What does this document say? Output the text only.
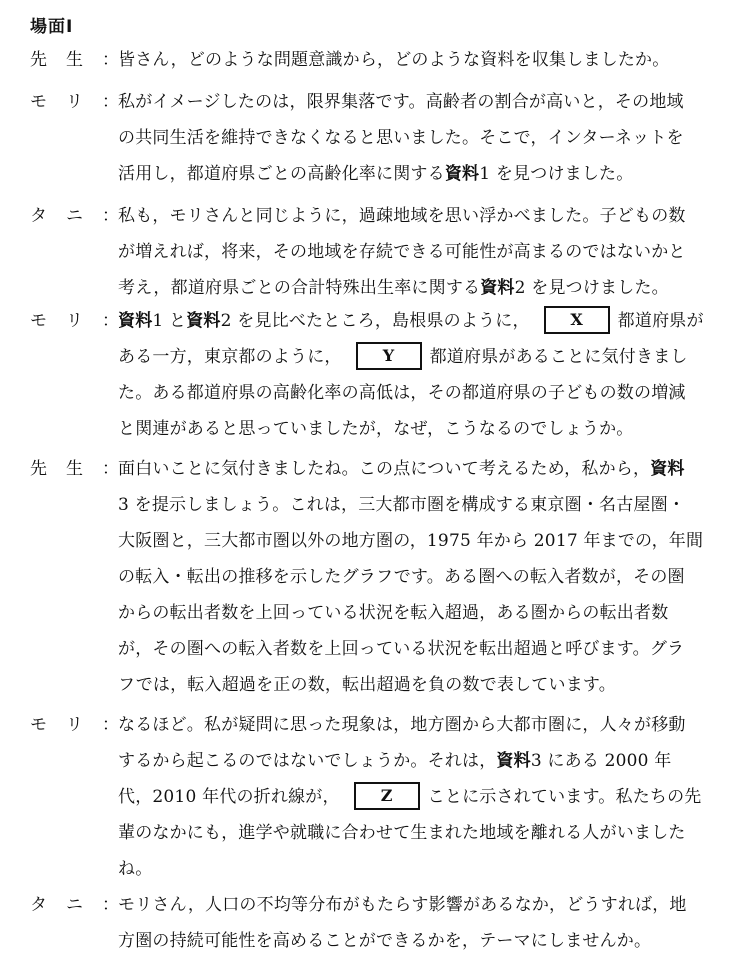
場面Ⅰ
先 生 ： 皆さん，どのような問題意識から，どのような資料を収集しましたか。
モ リ ： 私がイメージしたのは，限界集落です。高齢者の割合が高いと，その地域
の共同生活を維持できなくなると思いました。そこで，インターネットを
活用し，都道府県ごとの高齢化率に関する資料1 を見つけました。
タ ニ ： 私も，モリさんと同じように，過疎地域を思い浮かべました。子どもの数
が増えれば，将来，その地域を存続できる可能性が高まるのではないかと
考え，都道府県ごとの合計特殊出生率に関する資料2 を見つけました。
モ リ ： 資料1 と資料2 を見比べたところ，島根県のように，	X 都道府県が
ある一方，東京都のように，	Y 都道府県があることに気付きまし
た。ある都道府県の高齢化率の高低は，その都道府県の子どもの数の増減
と関連があると思っていましたが，なぜ，こうなるのでしょうか。
先 生 ： 面白いことに気付きましたね。この点について考えるため，私から，資料
3 を提示しましょう。これは，三大都市圏を構成する東京圏・名古屋圏・
大阪圏と，三大都市圏以外の地方圏の，1975 年から 2017 年までの，年間
の転入・転出の推移を示したグラフです。ある圏への転入者数が，その圏
からの転出者数を上回っている状況を転入超過，ある圏からの転出者数
が，その圏への転入者数を上回っている状況を転出超過と呼びます。グラ
フでは，転入超過を正の数，転出超過を負の数で表しています。
モ リ ： なるほど。私が疑問に思った現象は，地方圏から大都市圏に，人々が移動
するから起こるのではないでしょうか。それは，資料3 にある 2000 年
代，2010 年代の折れ線が，	Z ことに示されています。私たちの先
輩のなかにも，進学や就職に合わせて生まれた地域を離れる人がいました
ね。
タ ニ ： モリさん，人口の不均等分布がもたらす影響があるなか，どうすれば，地
方圏の持続可能性を高めることができるかを，テーマにしませんか。
